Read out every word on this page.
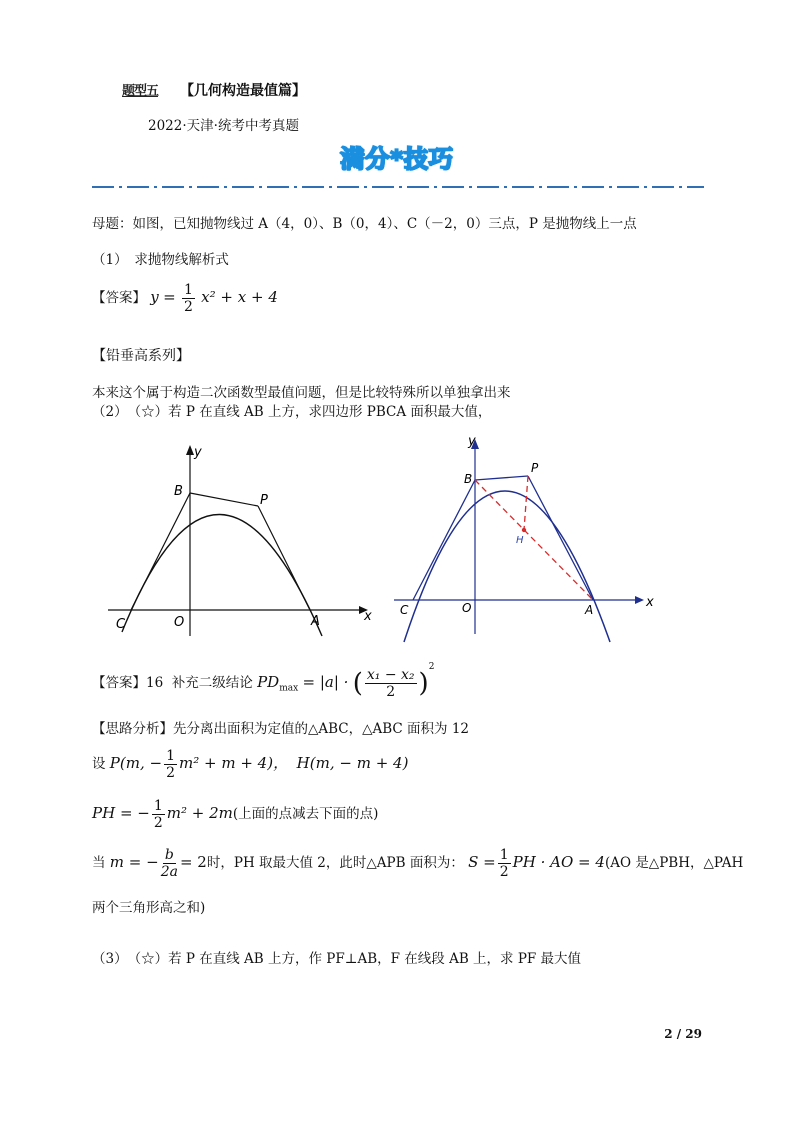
题型五 【几何构造最值篇】
2022·天津·统考中考真题
满分*技巧
母题：如图，已知抛物线过 A（4，0）、B（0，4）、C（－2，0）三点，P 是抛物线上一点
（1）　求抛物线解析式
【答案】 $y = \frac{1}{2} x^2 + x + 4$
【铅垂高系列】
本来这个属于构造二次函数型最值问题，但是比较特殊所以单独拿出来
（2）　（☆）若 P 在直线 AB 上方，求四边形 PBCA 面积最大值，
x
y
B
P
C	O	A
x
y
B
P
H
C	O	A
【答案】16 补充二级结论 $PD_{max} = |a|$ · ( $\frac{\text{x₁ − x₂}}{2} )^2$
【思路分析】先分离出面积为定值的△ABC，△ABC 面积为 12
设 P(m, − $\frac{1}{2} m^2 + m + 4$)， H(m, − m + 4)
PH = − $\frac{1}{2} m^2 + 2m$(上面的点减去下面的点)
当 m = − $\frac{b}{2a} = 2$时，PH 取最大值 2，此时△APB 面积为： $S = \frac{1}{2}$ PH · AO = 4(AO 是△PBH，△PAH
两个三角形高之和)
（3）　（☆）若 P 在直线 AB 上方，作 PF⊥AB，F 在线段 AB 上，求 PF 最大值
2 / 29
